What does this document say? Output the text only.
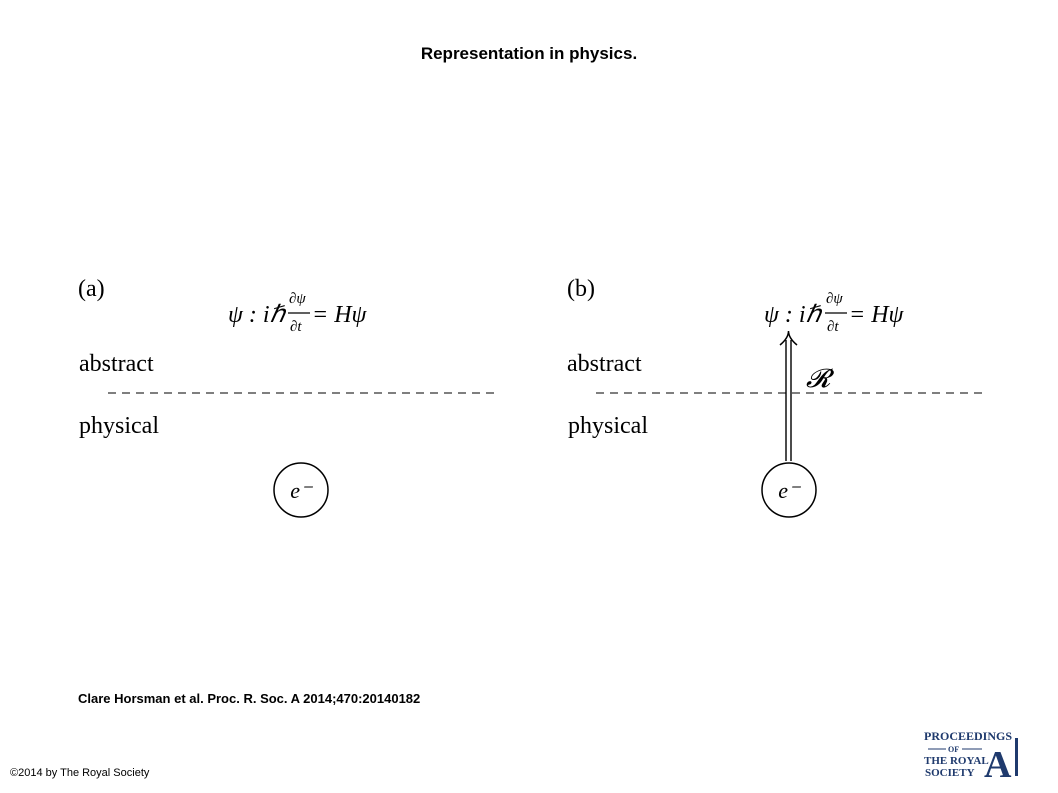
Representation in physics.
(a)
ψ : iℏ
∂ψ
∂t = Hψ
abstract
physical
e⁻
(b)
ψ : iℏ
∂ψ
∂t = Hψ
abstract
physical
𝓡
e⁻
Clare Horsman et al. Proc. R. Soc. A 2014;470:20140182
©2014 by The Royal Society
PROCEEDINGS
OF
THE ROYAL
SOCIETY A
